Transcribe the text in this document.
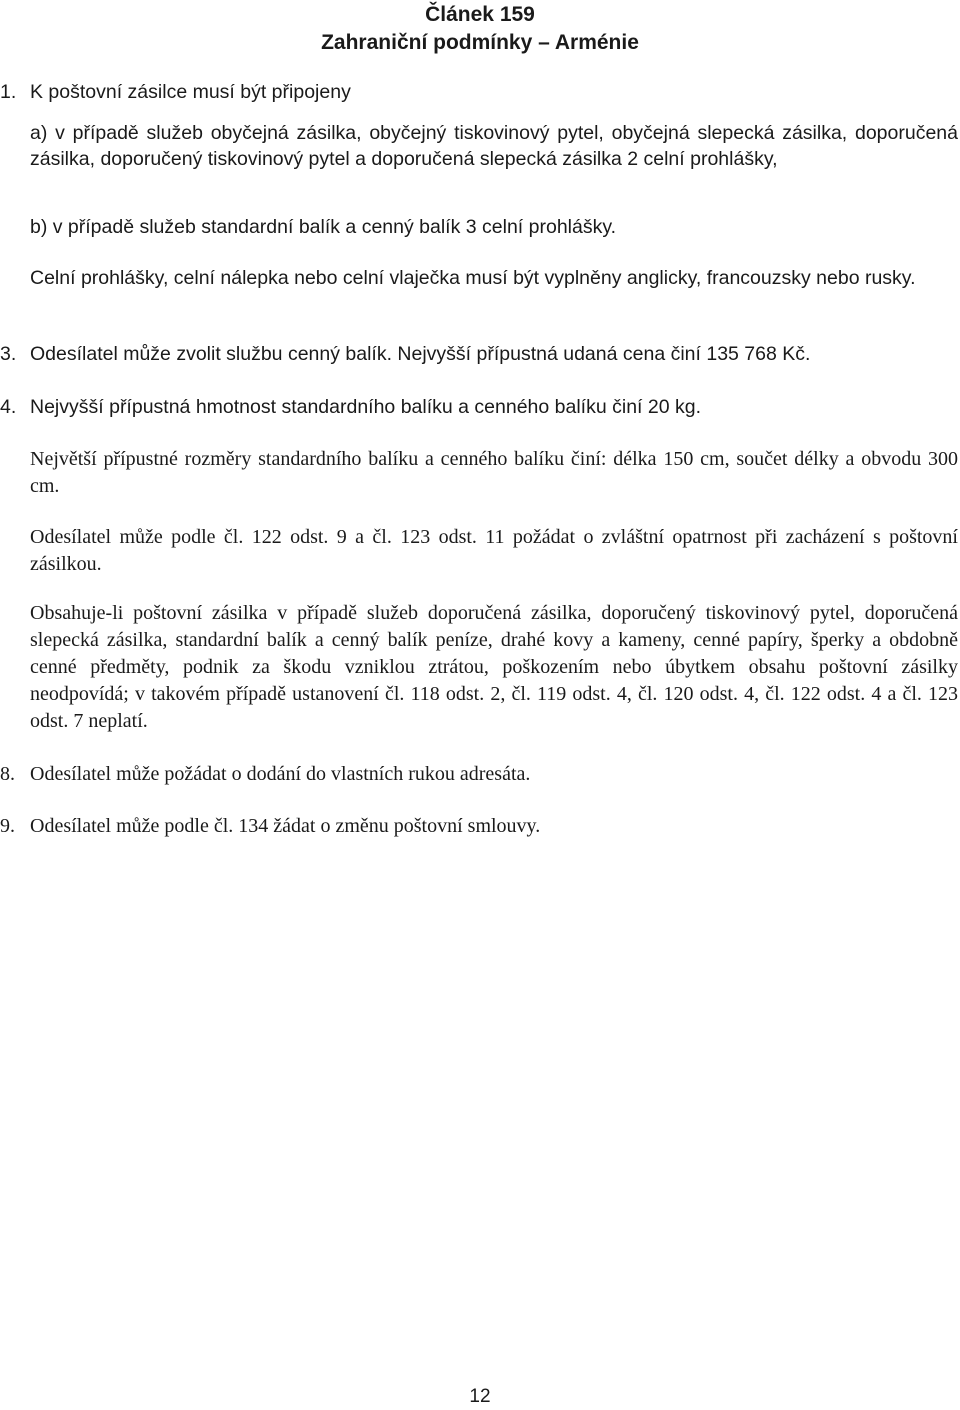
Článek 159
Zahraniční podmínky – Arménie

1. K poštovní zásilce musí být připojeny

a) v případě služeb obyčejná zásilka, obyčejný tiskovinový pytel, obyčejná slepecká zásilka, doporučená zásilka, doporučený tiskovinový pytel a doporučená slepecká zásilka 2 celní prohlášky,

b) v případě služeb standardní balík a cenný balík 3 celní prohlášky.

Celní prohlášky, celní nálepka nebo celní vlaječka musí být vyplněny anglicky, francouzsky nebo rusky.

3. Odesílatel může zvolit službu cenný balík. Nejvyšší přípustná udaná cena činí 135 768 Kč.

4. Nejvyšší přípustná hmotnost standardního balíku a cenného balíku činí 20 kg.

Největší přípustné rozměry standardního balíku a cenného balíku činí: délka 150 cm, součet délky a obvodu 300 cm.

Odesílatel může podle čl. 122 odst. 9 a čl. 123 odst. 11 požádat o zvláštní opatrnost při zacházení s poštovní zásilkou.

Obsahuje-li poštovní zásilka v případě služeb doporučená zásilka, doporučený tiskovinový pytel, doporučená slepecká zásilka, standardní balík a cenný balík peníze, drahé kovy a kameny, cenné papíry, šperky a obdobně cenné předměty, podnik za škodu vzniklou ztrátou, poškozením nebo úbytkem obsahu poštovní zásilky neodpovídá; v takovém případě ustanovení čl. 118 odst. 2, čl. 119 odst. 4, čl. 120 odst. 4, čl. 122 odst. 4 a čl. 123 odst. 7 neplatí.

8. Odesílatel může požádat o dodání do vlastních rukou adresáta.

9. Odesílatel může podle čl. 134 žádat o změnu poštovní smlouvy.

12
